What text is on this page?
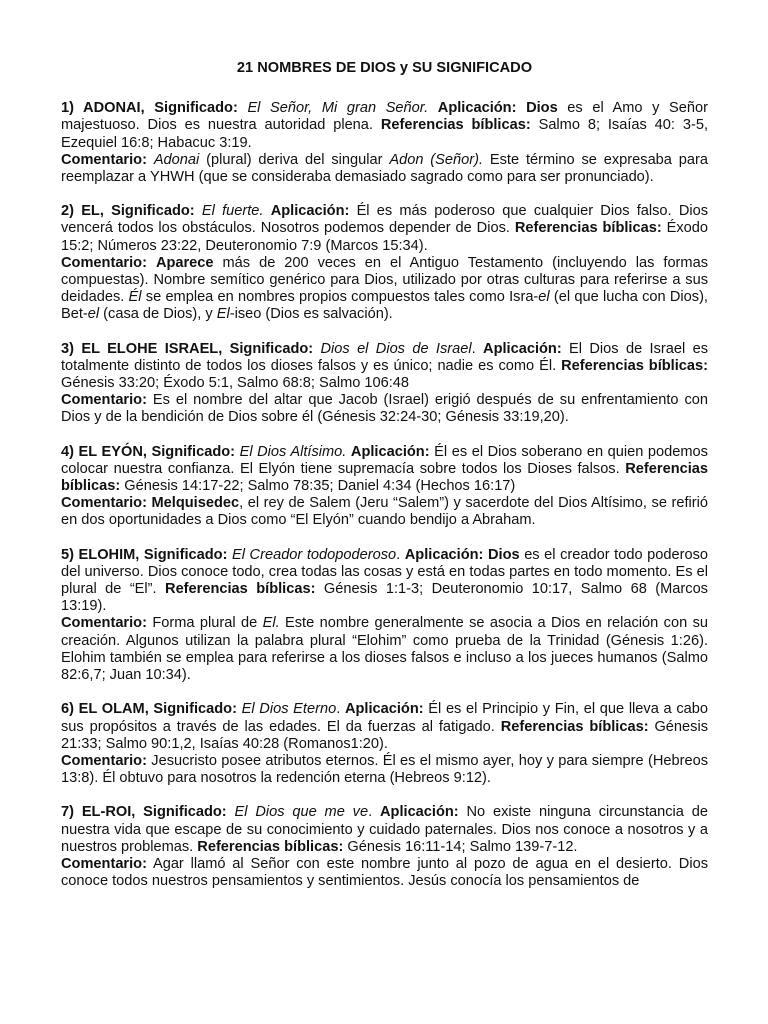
21 NOMBRES DE DIOS y SU SIGNIFICADO

1) ADONAI, Significado: El Señor, Mi gran Señor. Aplicación: Dios es el Amo y Señor majestuoso. Dios es nuestra autoridad plena. Referencias bíblicas: Salmo 8; Isaías 40: 3-5, Ezequiel 16:8; Habacuc 3:19.

Comentario: Adonai (plural) deriva del singular Adon (Señor). Este término se expresaba para reemplazar a YHWH (que se consideraba demasiado sagrado como para ser pronunciado).

2) EL, Significado: El fuerte. Aplicación: Él es más poderoso que cualquier Dios falso. Dios vencerá todos los obstáculos. Nosotros podemos depender de Dios. Referencias bíblicas: Éxodo 15:2; Números 23:22, Deuteronomio 7:9 (Marcos 15:34).

Comentario: Aparece más de 200 veces en el Antiguo Testamento (incluyendo las formas compuestas). Nombre semítico genérico para Dios, utilizado por otras culturas para referirse a sus deidades. Él se emplea en nombres propios compuestos tales como Isra-el (el que lucha con Dios), Bet-el (casa de Dios), y El-iseo (Dios es salvación).

3) EL ELOHE ISRAEL, Significado: Dios el Dios de Israel. Aplicación: El Dios de Israel es totalmente distinto de todos los dioses falsos y es único; nadie es como Él. Referencias bíblicas: Génesis 33:20; Éxodo 5:1, Salmo 68:8; Salmo 106:48

Comentario: Es el nombre del altar que Jacob (Israel) erigió después de su enfrentamiento con Dios y de la bendición de Dios sobre él (Génesis 32:24-30; Génesis 33:19,20).

4) EL EYÓN, Significado: El Dios Altísimo. Aplicación: Él es el Dios soberano en quien podemos colocar nuestra confianza. El Elyón tiene supremacía sobre todos los Dioses falsos. Referencias bíblicas: Génesis 14:17-22; Salmo 78:35; Daniel 4:34 (Hechos 16:17)

Comentario: Melquisedec, el rey de Salem (Jeru “Salem”) y sacerdote del Dios Altísimo, se refirió en dos oportunidades a Dios como “El Elyón” cuando bendijo a Abraham.

5) ELOHIM, Significado: El Creador todopoderoso. Aplicación: Dios es el creador todo poderoso del universo. Dios conoce todo, crea todas las cosas y está en todas partes en todo momento. Es el plural de “El”. Referencias bíblicas: Génesis 1:1-3; Deuteronomio 10:17, Salmo 68 (Marcos 13:19).

Comentario: Forma plural de El. Este nombre generalmente se asocia a Dios en relación con su creación. Algunos utilizan la palabra plural “Elohim” como prueba de la Trinidad (Génesis 1:26). Elohim también se emplea para referirse a los dioses falsos e incluso a los jueces humanos (Salmo 82:6,7; Juan 10:34).

6) EL OLAM, Significado: El Dios Eterno. Aplicación: Él es el Principio y Fin, el que lleva a cabo sus propósitos a través de las edades. El da fuerzas al fatigado. Referencias bíblicas: Génesis 21:33; Salmo 90:1,2, Isaías 40:28 (Romanos1:20).

Comentario: Jesucristo posee atributos eternos. Él es el mismo ayer, hoy y para siempre (Hebreos 13:8). Él obtuvo para nosotros la redención eterna (Hebreos 9:12).

7) EL-ROI, Significado: El Dios que me ve. Aplicación: No existe ninguna circunstancia de nuestra vida que escape de su conocimiento y cuidado paternales. Dios nos conoce a nosotros y a nuestros problemas. Referencias bíblicas: Génesis 16:11-14; Salmo 139-7-12.

Comentario: Agar llamó al Señor con este nombre junto al pozo de agua en el desierto. Dios conoce todos nuestros pensamientos y sentimientos. Jesús conocía los pensamientos de
